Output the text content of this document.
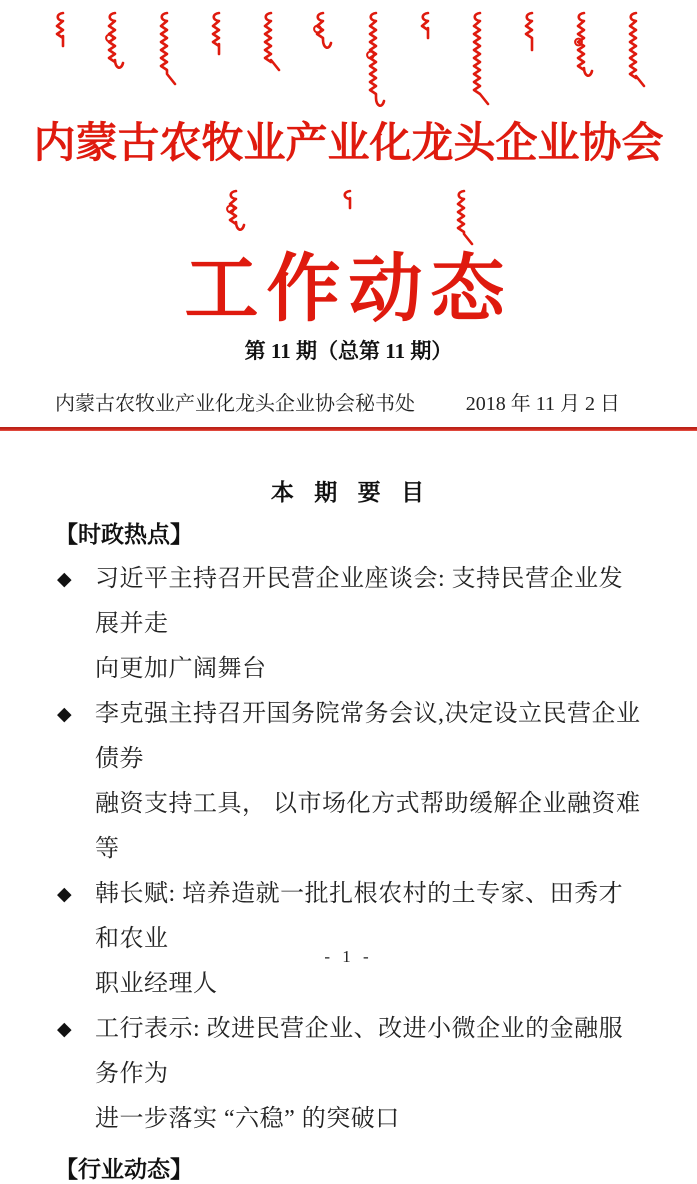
内蒙古农牧业产业化龙头企业协会
工作动态
第 11 期（总第 11 期）
内蒙古农牧业产业化龙头企业协会秘书处	2018 年 11 月 2 日
本 期 要 目
【时政热点】
◆ 习近平主持召开民营企业座谈会: 支持民营企业发展并走
向更加广阔舞台
◆ 李克强主持召开国务院常务会议,决定设立民营企业债券
融资支持工具， 以市场化方式帮助缓解企业融资难等
◆ 韩长赋: 培养造就一批扎根农村的土专家、田秀才和农业
职业经理人
◆ 工行表示: 改进民营企业、改进小微企业的金融服务作为
进一步落实 “六稳” 的突破口
【行业动态】
- 1 -
